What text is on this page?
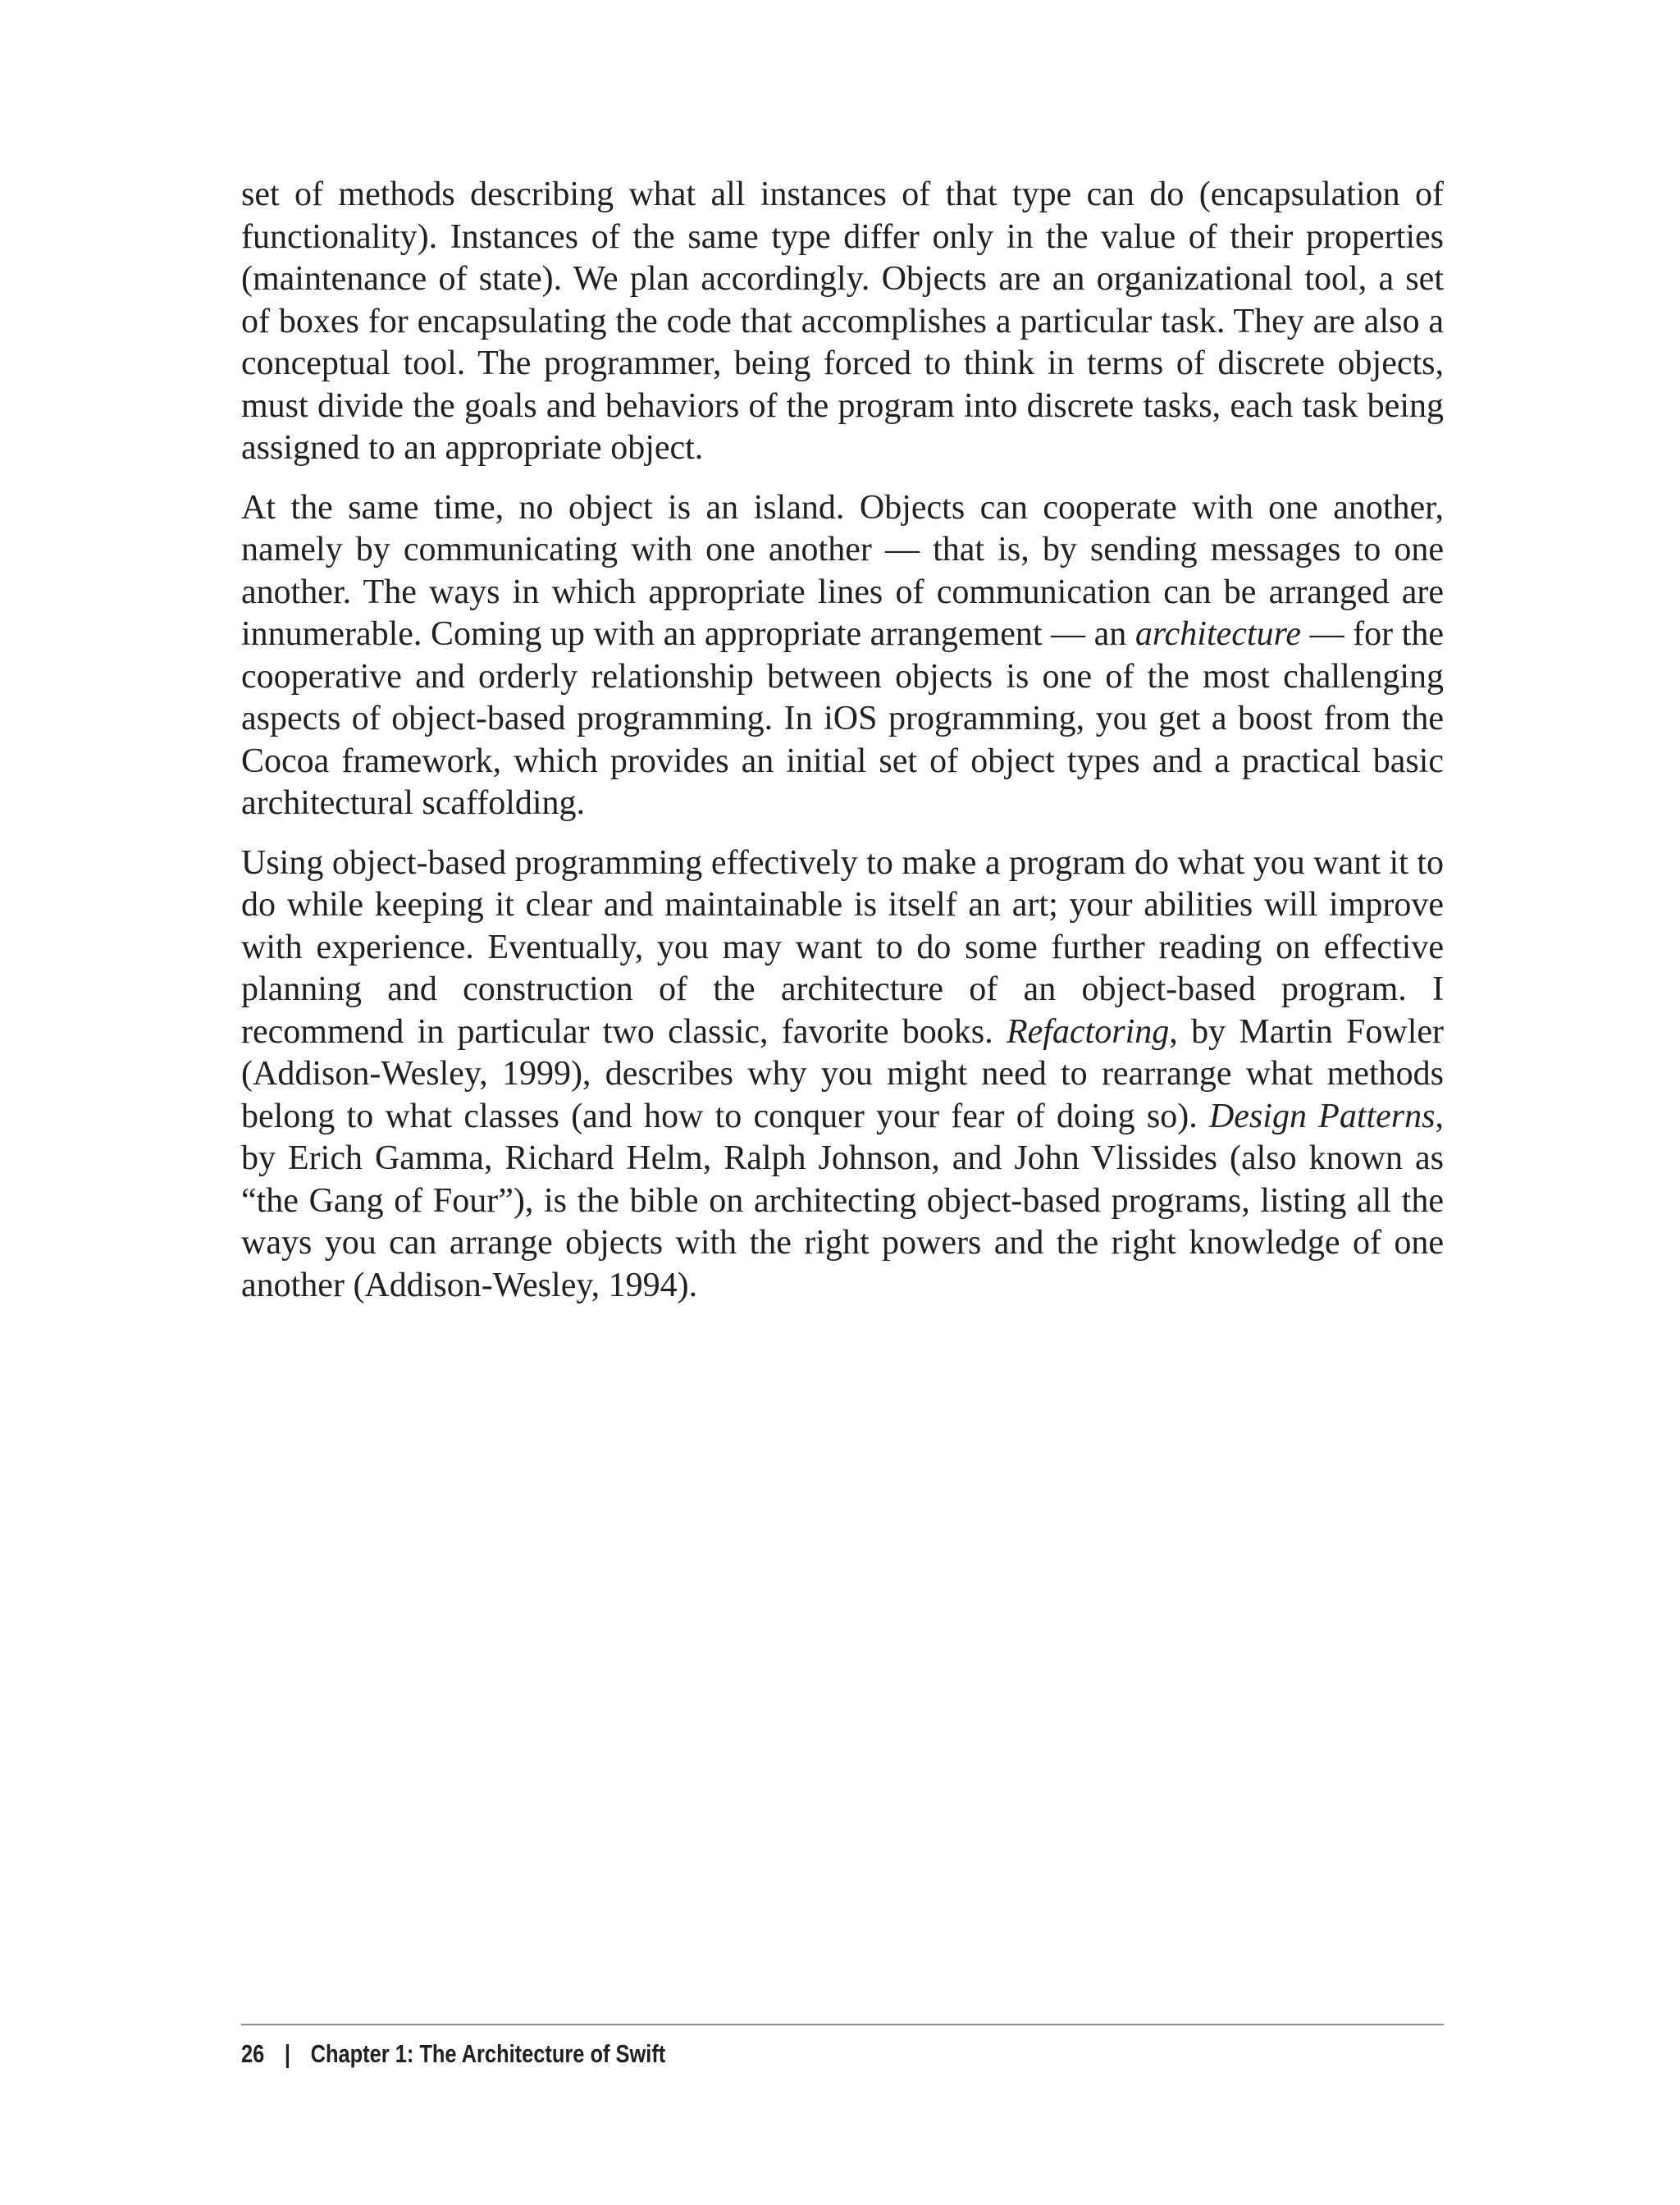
set of methods describing what all instances of that type can do (encapsulation of functionality). Instances of the same type differ only in the value of their properties (maintenance of state). We plan accordingly. Objects are an organizational tool, a set of boxes for encapsulating the code that accomplishes a particular task. They are also a conceptual tool. The programmer, being forced to think in terms of discrete objects, must divide the goals and behaviors of the program into discrete tasks, each task being assigned to an appropriate object.

At the same time, no object is an island. Objects can cooperate with one another, namely by communicating with one another — that is, by sending messages to one another. The ways in which appropriate lines of communication can be arranged are innumerable. Coming up with an appropriate arrangement — an architecture — for the cooperative and orderly relationship between objects is one of the most challenging aspects of object-based programming. In iOS programming, you get a boost from the Cocoa framework, which provides an initial set of object types and a practical basic architectural scaffolding.

Using object-based programming effectively to make a program do what you want it to do while keeping it clear and maintainable is itself an art; your abilities will improve with experience. Eventually, you may want to do some further reading on effective planning and construction of the architecture of an object-based program. I recommend in particular two classic, favorite books. Refactoring, by Martin Fowler (Addison-Wesley, 1999), describes why you might need to rearrange what methods belong to what classes (and how to conquer your fear of doing so). Design Patterns, by Erich Gamma, Richard Helm, Ralph Johnson, and John Vlissides (also known as “the Gang of Four”), is the bible on architecting object-based programs, listing all the ways you can arrange objects with the right powers and the right knowledge of one another (Addison-Wesley, 1994).

26 | Chapter 1: The Architecture of Swift
